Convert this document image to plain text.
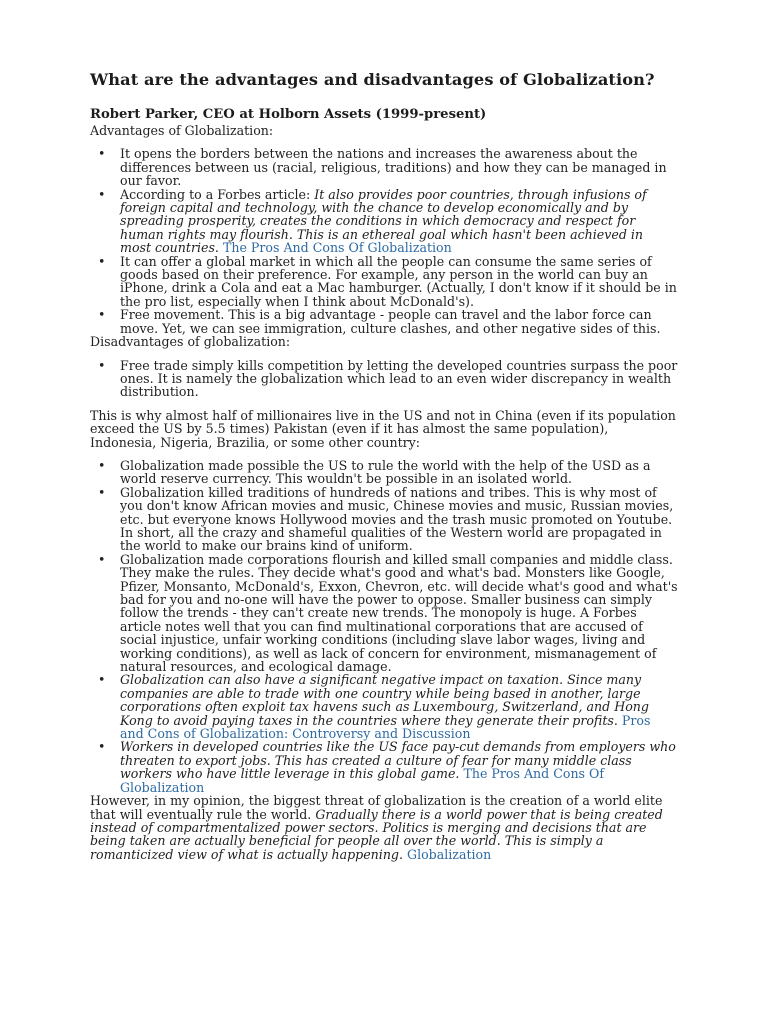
What are the advantages and disadvantages of Globalization?
Robert Parker, CEO at Holborn Assets (1999-present)

Advantages of Globalization:

• It opens the borders between the nations and increases the awareness about the differences between us (racial, religious, traditions) and how they can be managed in our favor.
• According to a Forbes article: It also provides poor countries, through infusions of foreign capital and technology, with the chance to develop economically and by spreading prosperity, creates the conditions in which democracy and respect for human rights may flourish. This is an ethereal goal which hasn't been achieved in most countries. The Pros And Cons Of Globalization
• It can offer a global market in which all the people can consume the same series of goods based on their preference. For example, any person in the world can buy an iPhone, drink a Cola and eat a Mac hamburger. (Actually, I don't know if it should be in the pro list, especially when I think about McDonald's).
• Free movement. This is a big advantage - people can travel and the labor force can move. Yet, we can see immigration, culture clashes, and other negative sides of this.

Disadvantages of globalization:

• Free trade simply kills competition by letting the developed countries surpass the poor ones. It is namely the globalization which lead to an even wider discrepancy in wealth distribution.

This is why almost half of millionaires live in the US and not in China (even if its population exceed the US by 5.5 times) Pakistan (even if it has almost the same population), Indonesia, Nigeria, Brazilia, or some other country:

• Globalization made possible the US to rule the world with the help of the USD as a world reserve currency. This wouldn't be possible in an isolated world.
• Globalization killed traditions of hundreds of nations and tribes. This is why most of you don't know African movies and music, Chinese movies and music, Russian movies, etc. but everyone knows Hollywood movies and the trash music promoted on Youtube. In short, all the crazy and shameful qualities of the Western world are propagated in the world to make our brains kind of uniform.
• Globalization made corporations flourish and killed small companies and middle class. They make the rules. They decide what's good and what's bad. Monsters like Google, Pfizer, Monsanto, McDonald's, Exxon, Chevron, etc. will decide what's good and what's bad for you and no-one will have the power to oppose. Smaller business can simply follow the trends - they can't create new trends. The monopoly is huge. A Forbes article notes well that you can find multinational corporations that are accused of social injustice, unfair working conditions (including slave labor wages, living and working conditions), as well as lack of concern for environment, mismanagement of natural resources, and ecological damage.
• Globalization can also have a significant negative impact on taxation. Since many companies are able to trade with one country while being based in another, large corporations often exploit tax havens such as Luxembourg, Switzerland, and Hong Kong to avoid paying taxes in the countries where they generate their profits. Pros and Cons of Globalization: Controversy and Discussion
• Workers in developed countries like the US face pay-cut demands from employers who threaten to export jobs. This has created a culture of fear for many middle class workers who have little leverage in this global game. The Pros And Cons Of Globalization

However, in my opinion, the biggest threat of globalization is the creation of a world elite that will eventually rule the world. Gradually there is a world power that is being created instead of compartmentalized power sectors. Politics is merging and decisions that are being taken are actually beneficial for people all over the world. This is simply a romanticized view of what is actually happening. Globalization
